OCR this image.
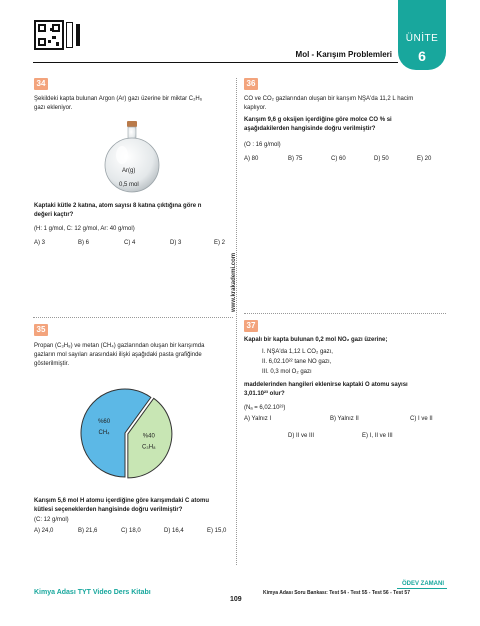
ÜNİTE
6
Mol - Karışım Problemleri
www.krakademi.com
34
Şekildeki kapta bulunan Argon (Ar) gazı üzerine bir miktar C₂H₆
gazı ekleniyor.
Ar(g)
0,5 mol
Kaptaki kütle 2 katına, atom sayısı 8 katına çıktığına göre n
değeri kaçtır?
(H: 1 g/mol, C: 12 g/mol, Ar: 40 g/mol)
A) 3	B) 6	C) 4	D) 3	E) 2
35
Propan (C₃H₈) ve metan (CH₄) gazlarından oluşan bir karışımda
gazların mol sayıları arasındaki ilişki aşağıdaki pasta grafiğinde
gösterilmiştir.
%60
CH₄
%40
C₃H₈
Karışım 5,6 mol H atomu içerdiğine göre karışımdaki C atomu
kütlesi seçeneklerden hangisinde doğru verilmiştir?
(C: 12 g/mol)
A) 24,0	B) 21,6	C) 18,0	D) 16,4	E) 15,0
36
CO ve CO₂ gazlarından oluşan bir karışım NŞA'da 11,2 L hacim
kaplıyor.
Karışım 9,6 g oksijen içerdiğine göre molce CO % si
aşağıdakilerden hangisinde doğru verilmiştir?
(O : 16 g/mol)
A) 80	B) 75	C) 60	D) 50	E) 20
37
Kapalı bir kapta bulunan 0,2 mol NO₂ gazı üzerine;
I. NŞA'da 1,12 L CO₂ gazı,
II. 6,02.10²² tane NO gazı,
III. 0,3 mol O₂ gazı
maddelerinden hangileri eklenirse kaptaki O atomu sayısı
3,01.10²³ olur?
(Nₐ = 6,02.10²³)
A) Yalnız I	B) Yalnız II	C) I ve II
D) II ve III	E) I, II ve III
Kimya Adası TYT Video Ders Kitabı
109
ÖDEV ZAMANI
Kimya Adası Soru Bankası: Test 54 - Test 55 - Test 56 - Test 57
